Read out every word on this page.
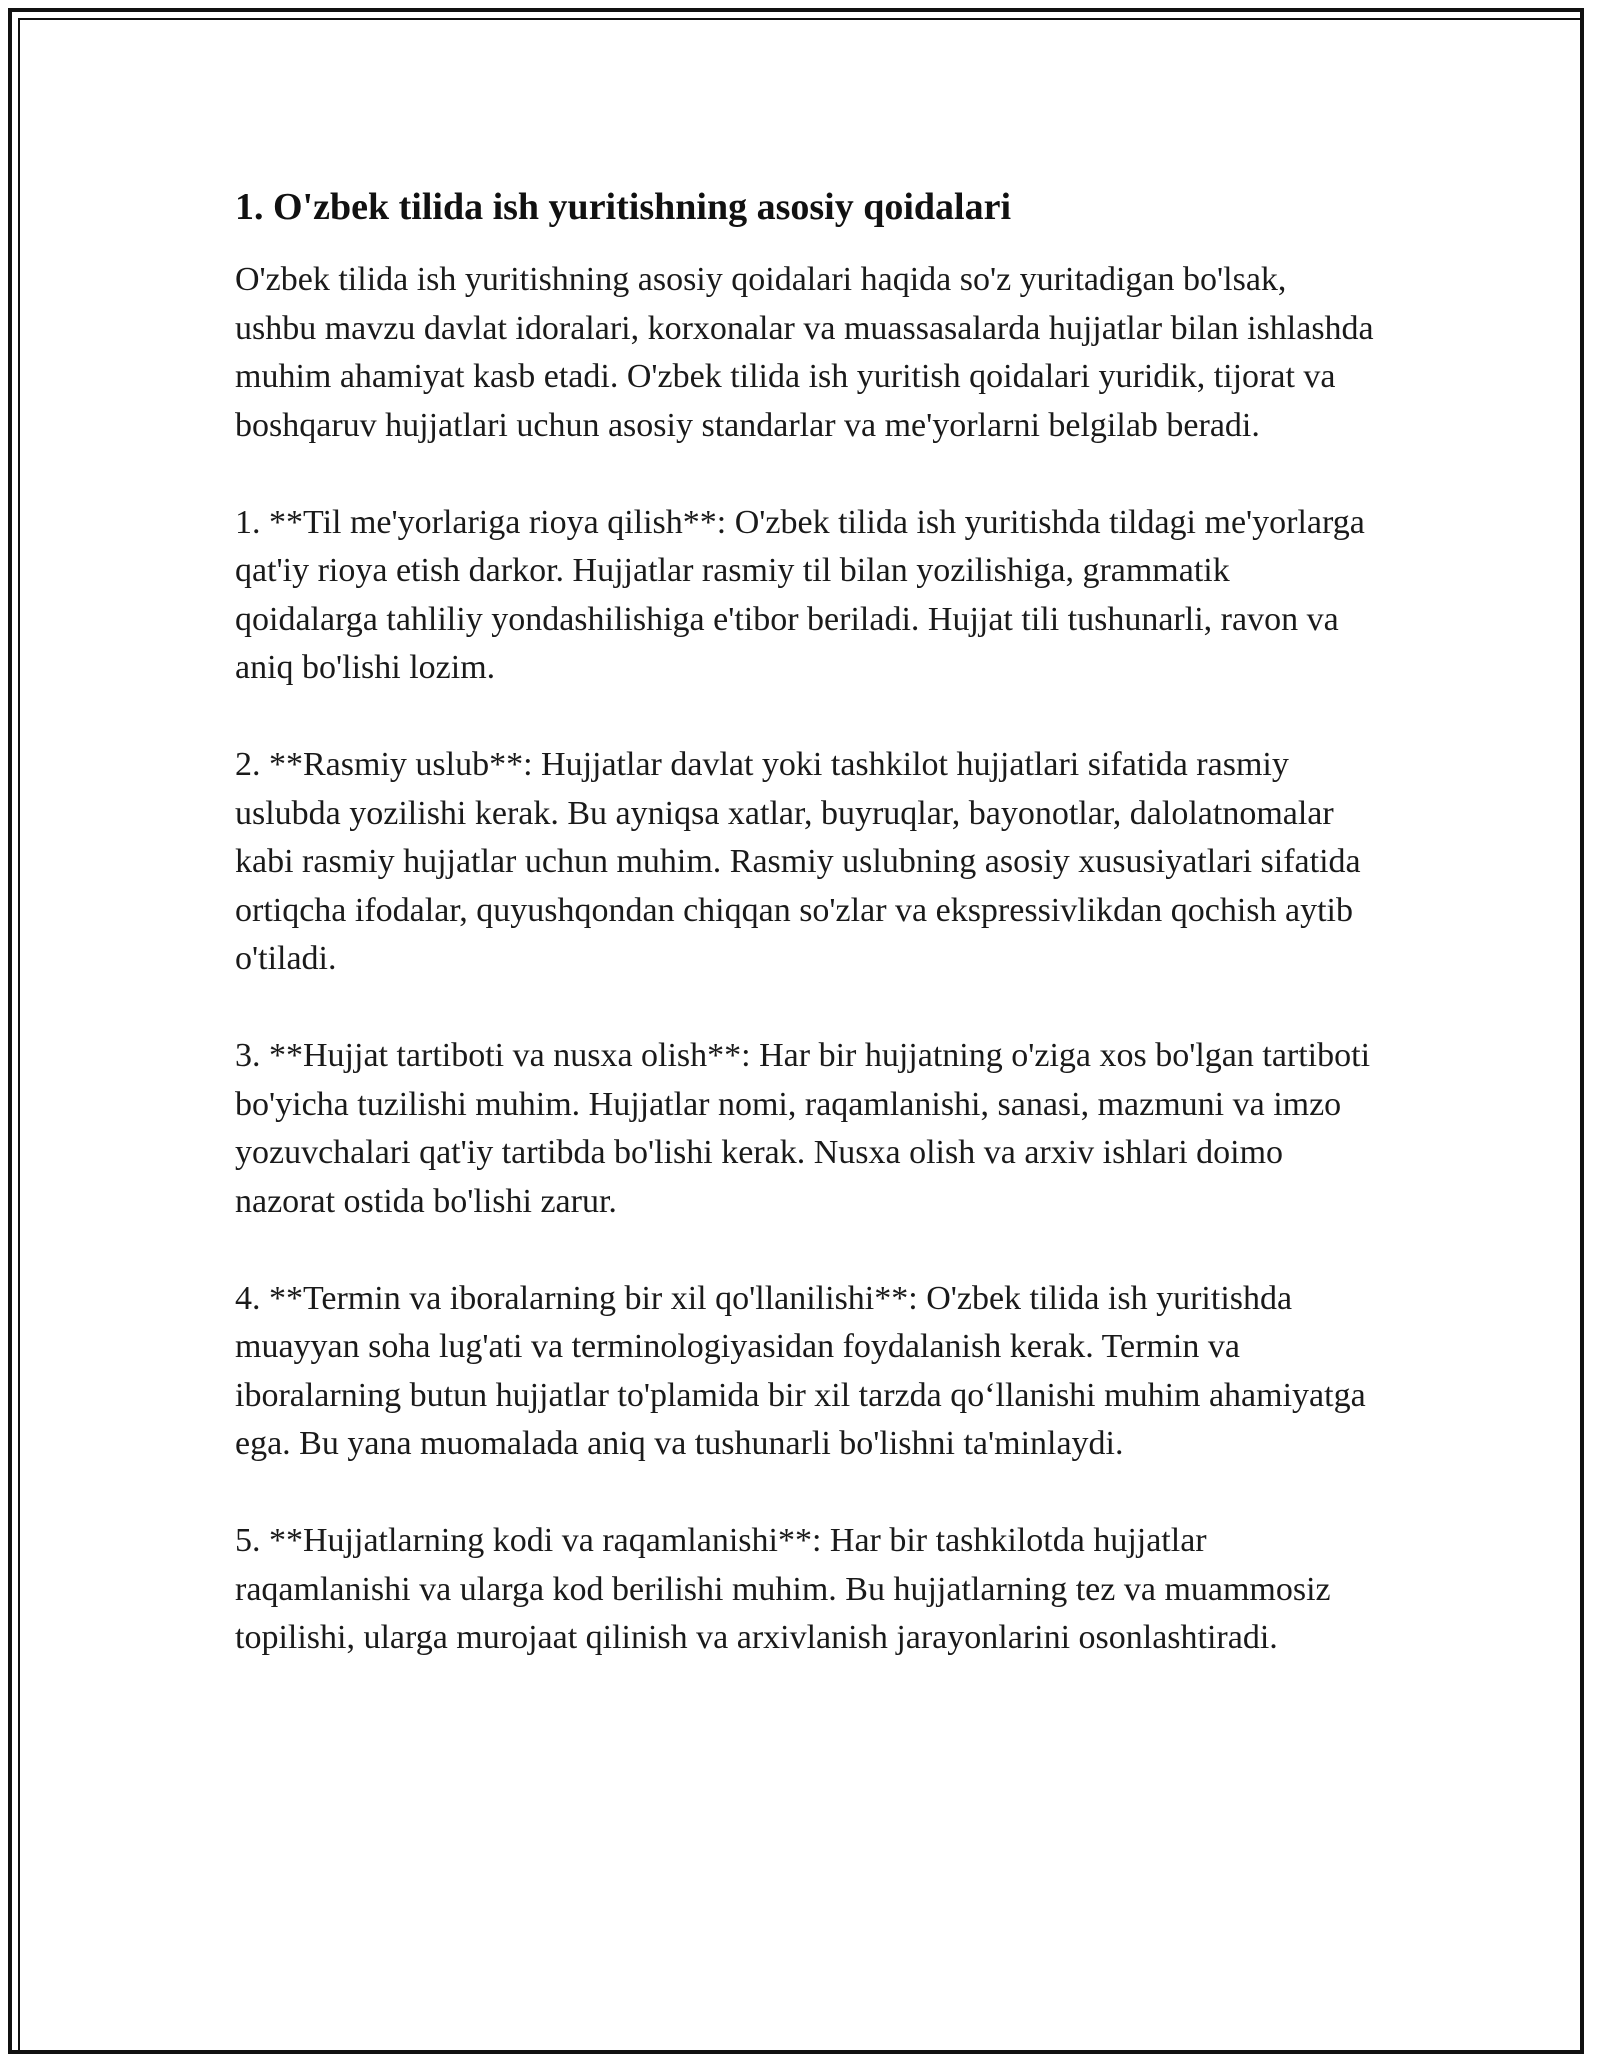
1. O'zbek tilida ish yuritishning asosiy qoidalari

O'zbek tilida ish yuritishning asosiy qoidalari haqida so'z yuritadigan bo'lsak, ushbu mavzu davlat idoralari, korxonalar va muassasalarda hujjatlar bilan ishlashda muhim ahamiyat kasb etadi. O'zbek tilida ish yuritish qoidalari yuridik, tijorat va boshqaruv hujjatlari uchun asosiy standarlar va me'yorlarni belgilab beradi.

1. **Til me'yorlariga rioya qilish**: O'zbek tilida ish yuritishda tildagi me'yorlarga qat'iy rioya etish darkor. Hujjatlar rasmiy til bilan yozilishiga, grammatik qoidalarga tahliliy yondashilishiga e'tibor beriladi. Hujjat tili tushunarli, ravon va aniq bo'lishi lozim.

2. **Rasmiy uslub**: Hujjatlar davlat yoki tashkilot hujjatlari sifatida rasmiy uslubda yozilishi kerak. Bu ayniqsa xatlar, buyruqlar, bayonotlar, dalolatnomalar kabi rasmiy hujjatlar uchun muhim. Rasmiy uslubning asosiy xususiyatlari sifatida ortiqcha ifodalar, quyushqondan chiqqan so'zlar va ekspressivlikdan qochish aytib o'tiladi.

3. **Hujjat tartiboti va nusxa olish**: Har bir hujjatning o'ziga xos bo'lgan tartiboti bo'yicha tuzilishi muhim. Hujjatlar nomi, raqamlanishi, sanasi, mazmuni va imzo yozuvchalari qat'iy tartibda bo'lishi kerak. Nusxa olish va arxiv ishlari doimo nazorat ostida bo'lishi zarur.

4. **Termin va iboralarning bir xil qo'llanilishi**: O'zbek tilida ish yuritishda muayyan soha lug'ati va terminologiyasidan foydalanish kerak. Termin va iboralarning butun hujjatlar to'plamida bir xil tarzda qo‘llanishi muhim ahamiyatga ega. Bu yana muomalada aniq va tushunarli bo'lishni ta'minlaydi.

5. **Hujjatlarning kodi va raqamlanishi**: Har bir tashkilotda hujjatlar raqamlanishi va ularga kod berilishi muhim. Bu hujjatlarning tez va muammosiz topilishi, ularga murojaat qilinish va arxivlanish jarayonlarini osonlashtiradi.
